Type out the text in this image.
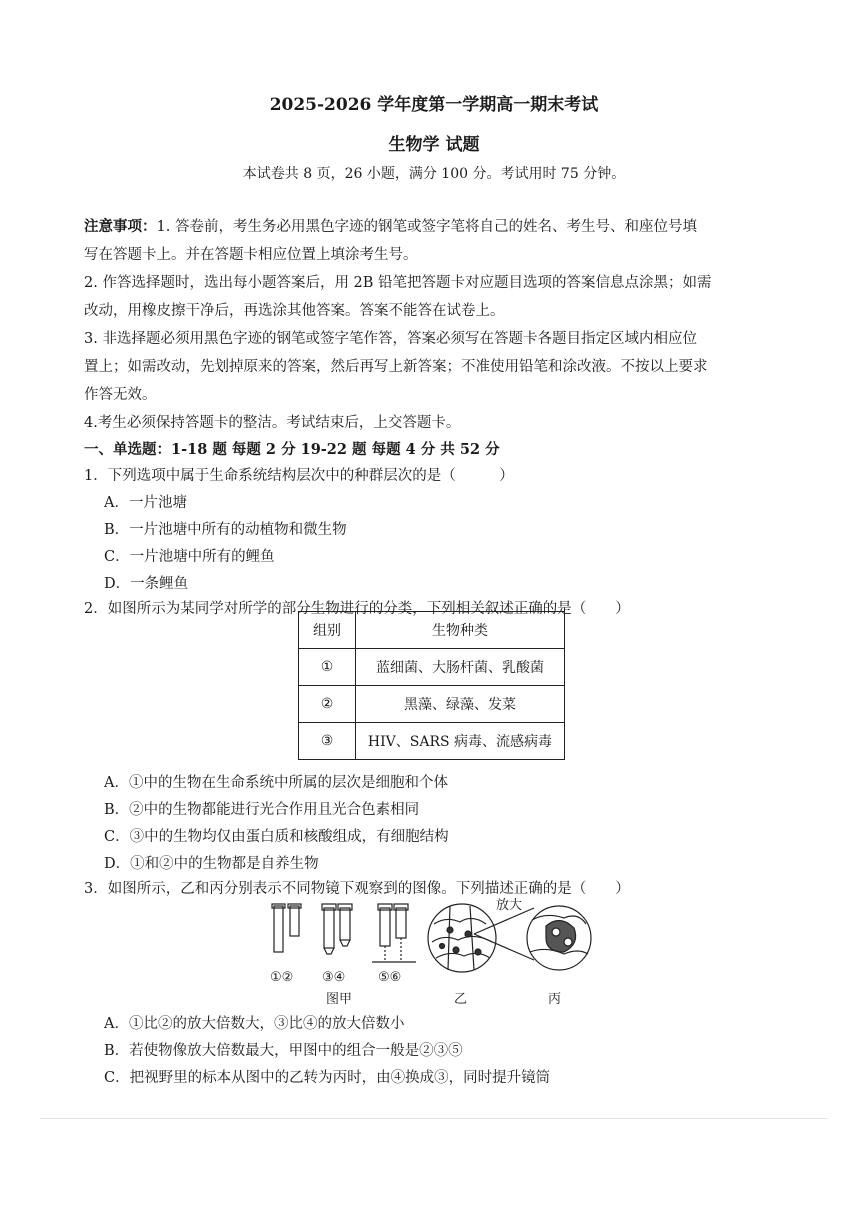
2025-2026 学年度第一学期高一期末考试
生物学 试题
本试卷共 8 页，26 小题，满分 100 分。考试用时 75 分钟。
注意事项：1. 答卷前，考生务必用黑色字迹的钢笔或签字笔将自己的姓名、考生号、和座位号填
写在答题卡上。并在答题卡相应位置上填涂考生号。
2. 作答选择题时，选出每小题答案后，用 2B 铅笔把答题卡对应题目选项的答案信息点涂黑；如需
改动，用橡皮擦干净后，再选涂其他答案。答案不能答在试卷上。
3. 非选择题必须用黑色字迹的钢笔或签字笔作答，答案必须写在答题卡各题目指定区域内相应位
置上；如需改动，先划掉原来的答案，然后再写上新答案；不准使用铅笔和涂改液。不按以上要求
作答无效。
4.考生必须保持答题卡的整洁。考试结束后，上交答题卡。
一、单选题：1-18 题 每题 2 分 19-22 题 每题 4 分 共 52 分
1．下列选项中属于生命系统结构层次中的种群层次的是（　　　）
A．一片池塘
B．一片池塘中所有的动植物和微生物
C．一片池塘中所有的鲤鱼
D．一条鲤鱼
2．如图所示为某同学对所学的部分生物进行的分类，下列相关叙述正确的是（　　）
组别	生物种类
①	蓝细菌、大肠杆菌、乳酸菌
②	黑藻、绿藻、发菜
③	HIV、SARS 病毒、流感病毒
A．①中的生物在生命系统中所属的层次是细胞和个体
B．②中的生物都能进行光合作用且光合色素相同
C．③中的生物均仅由蛋白质和核酸组成，有细胞结构
D．①和②中的生物都是自养生物
3．如图所示，乙和丙分别表示不同物镜下观察到的图像。下列描述正确的是（　　）
①② ③④	⑤⑥
图甲	乙	丙
放大
A．①比②的放大倍数大，③比④的放大倍数小
B．若使物像放大倍数最大，甲图中的组合一般是②③⑤
C．把视野里的标本从图中的乙转为丙时，由④换成③，同时提升镜筒
